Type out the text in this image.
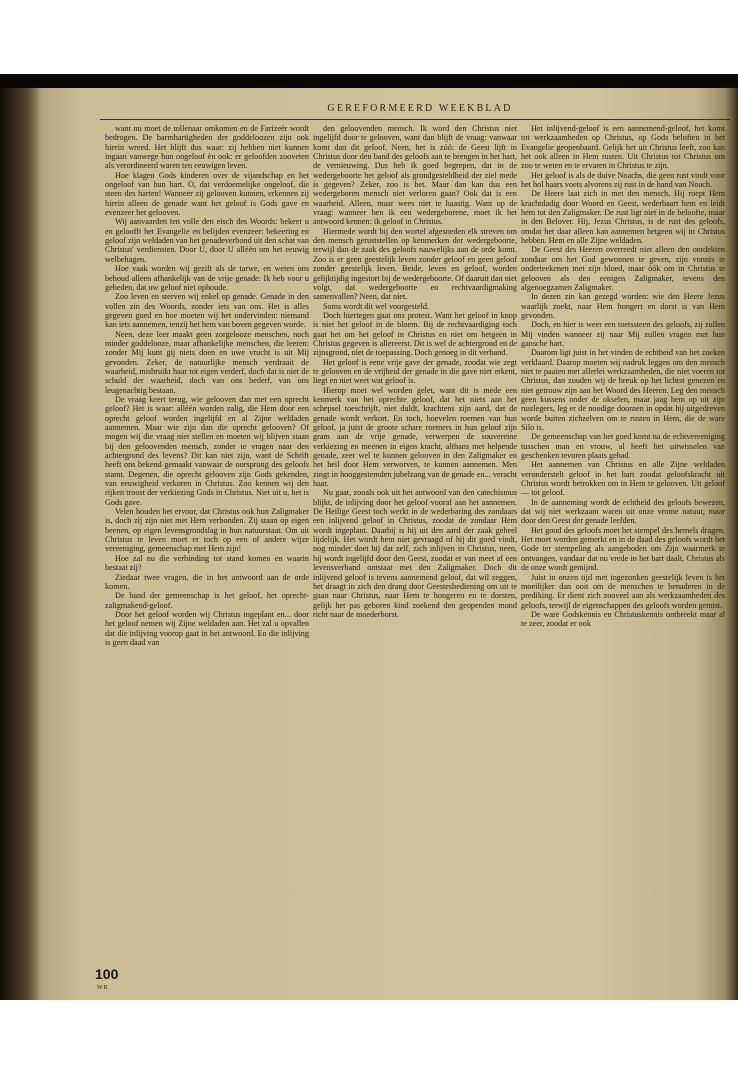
GEREFORMEERD WEEKBLAD

want nu moet de tollenaar omkomen en de Farizeër wordt bedrogen. De barmhartigheden der goddeloozen zijn ook hierin wreed. Het blijft dus waar: zij hebben niet kunnen ingaan vanwege hun ongeloof èn ook: er geloofden zooveten als verordineerd waren ten eeuwigen leven.

Hoe klagen Gods kinderen over de vijandschap en het ongeloof van hun hart. O, dat verdoemelijke ongeloof, die steen des harten! Wanneer zij gelooven kunnen, erkennen zij hierin alleen de genade want het geloof is Gods gave en evenzeer het gelooven.

Wij aanvaarden ten volle den eisch des Woords: bekeer u en geloofft het Evangelie en belijden evenzeer: bekeering en geloof zijn weldaden van het genadeverbond uit den schat van Christus' verdiensten. Door U, door U alléén om het eeuwig welbehagen.

Hoe vaak worden wij gezift als de tarwe, en weten ons behoud alleen afhankelijk van de vrije genade: Ik heb voor u gebeden, dat uw geloof niet ophoude.

Zoo leven en sterven wij enkel op genade. Genade in den vollen zin des Woords, zonder iets van ons. Het is alles gegeven goed en hoe moeten wij het ondervinden: niemand kan iets aannemen, tenzij het hem van boven gegeven worde.

Neen, deze leer maakt geen zorgelooze menschen, noch minder goddelooze, maar afhankelijke menschen, die leeren: zonder Mij kunt gij niets doen en uwe vrucht is uit Mij gevonden. Zeker, de natuurlijke mensch verdraait de waarheid, misbruikt haar tot eigen verderf, doch dat is niet de schuld der waarheid, doch van ons bederf, van ons leugenachtig bestaan.

De vraag keert terug, wie gelooven dan met een oprecht geloof? Het is waar: alléén worden zalig, die Hem door een oprecht geloof worden ingelijfd en al Zijne weldaden aannemen. Maar wie zijn dan die oprecht gelooven? Of mogen wij die vraag niet stellen en moeten wij blijven staan bij den geloovenden mensch, zonder te vragen naar den achtergrond des levens? Dit kan niet zijn, want de Schrift heeft ons bekend gemaakt vanwaar de oorsprong des geloofs stamt. Degenen, die oprecht gelooven zijn Gods gekenden, van eeuwigheid verkoren in Christus. Zoo kennen wij den rijken troost der verkiezing Gods in Christus. Niet uit u, het is Gods gave.

Velen houden het ervoor, dat Christus ook hun Zaligmaker is, doch zij zijn niet met Hem verbonden. Zij staan op eigen beenen, op eigen levensgrondslag in hun natuurstaat. Om uit Christus te leven moet er toch op een of andere wijze vereeniging, gemeenschap met Hem zijn!

Hoe zal nu die verbinding tot stand komen en waarin bestaat zij?

Ziedaar twee vragen, die in het antwoord aan de orde komen.

De band der gemeenschap is het geloof, het oprecht-zaligmakend-geloof.

Door het geloof worden wij Christus ingeplant en... door het geloof nemen wij Zijne weldaden aan. Het zal u opvallen dat die inlijving voorop gaat in het antwoord. En die inlijving is geen daad van

den geloovenden mensch. Ik word den Christus niet ingelijfd door te gelooven, want dan blijft de vraag: vanwaar komt dan dit geloof. Neen, het is zóó: de Geest lijft in Christus door den band des geloofs aan te brengen in het hart, de vernieuwing. Dus heb ik goed begrepen, dat in de wedergeboorte het geloof als grondgesteldheid der ziel mede is gegeven? Zeker, zoo is het. Maar dan kan dus een wedergeboren mensch niet verloren gaan? Ook dat is een waarheid. Alleen, maar wees niet te haastig. Want op de vraag: wanneer ben ik een wedergeborene, moet ik het antwoord kennen: ik geloof in Christus.

Hiermede wordt bij den wortel afgesneden elk streven om den mensch geruststellen op kenmerken der wedergeboorte, terwijl dan de zaak des geloofs nauwelijks aan de orde komt. Zoo is er geen geestelijk leven zonder geloof en geen geloof zonder geestelijk leven. Beide, leven en geloof, worden gelijktijdig ingestort bij de wedergeboorte. Of daaruit dan niet volgt, dat wedergeboorte en rechtvaardigmaking samenvallen? Neen, dat niet.

Soms wordt dit wel voorgesteld.

Doch hiertegen gaat ons protest. Want het geloof in knop is niet het geloof in de bloem. Bij de rechtvaardiging toch gaat het om het geloof in Christus en niet om hetgeen in Christus gegeven is allereerst. Dit is wel de achtergrond en de zijnsgrond, niet de toepassing. Doch genoeg in dit verband.

Het geloof is eene vrije gave der genade, zoodat wie zegt te gelooven en de vrijheid der genade in die gave niet erkent, liegt en niet weet wat geloof is.

Hierop moet wel worden gelet, want dit is mede een kenmerk van het oprechte geloof, dat het niets aan het schepsel toeschrijft, niet duldt, krachtens zijn aard, dat de genade wordt verkort. En toch, hoevelen roemen van hun geloof, ja juist de groote schare roemers in hun geloof zijn gram aan de vrije genade, verwerpen de souvereine verkiezing en meenen in eigen kracht, althans met helpende genade, zeer wel te kunnen gelooven in den Zaligmaker en het heil door Hem verworven, te kunnen aannemen. Men zingt in hooggestemden jubelzang van de genade en... veracht haar.

Nu gaat, zooals ook uit het antwoord van den catechismus blijkt, de inlijving door het geloof vooraf aan het aannemen. De Heilige Geest toch werkt in de wederbaring des zondaars een inlijvend geloof in Christus, zoodat de zondaar Hem wordt ingeplant. Daarbij is hij uit den aard der zaak geheel lijdelijk. Het wordt hem niet gevraagd of hij dit goed vindt, nog minder doet hij dat zelf, zich inlijven in Christus, neen, hij wordt ingelijfd door den Geest, zoodat er van meet af een levensverband ontstaat met den Zaligmaker. Doch dit inlijvend geloof is tevens aannemend geloof, dat wil zeggen, het draagt in zich den drang door Geestesbediening om uit te gaan naar Christus, naar Hem te hongeren en te dorsten, gelijk het pas geboren kind zoekend den geopenden mond richt naar de moederborst.

Het inlijvend-geloof is een aannemend-geloof, het komt tot werkzaamheden op Christus, op Gods beloften in het Evangelie geopenbaard. Gelijk het uit Christus leeft, zoo kan het ook alleen in Hem rusten. Uit Christus tot Christus om zoo te weten en te ervaren in Christus te zijn.

Het geloof is als de duive Noachs, die geen rust vindt voor het hol haars voets alvorens zij rust in de hand van Noach.

De Heere laat zich in met den mensch. Hij roept Hem krachtdadig door Woord en Geest, wederbaart hem en leidt hem tot den Zaligmaker. De rust ligt niet in de beloofte, maar in den Belover. Hij, Jezus Christus, is de rust des geloofs, omdat het daar alleen kan aannemen hetgeen wij in Christus hebben. Hem en alle Zijne weldaden.

De Geest des Heeren overreedt niet alleen den ontdekten zondaar om het God gewonnen te geven, zijn vonnis te onderteekenen met zijn bloed, maar óók om in Christus te gelooven als den eenigen Zaligmaker, tevens den algenoegzamen Zaligmaker.

In dezen zin kan gezegd worden: wie den Heere Jezus waarlijk zoekt, naar Hem hongert en dorst is van Hem gevonden.

Doch, en hier is weer een toetssteen des geloofs, zij zullen Mij vinden wanneer zij naar Mij zullen vragen met hun gansche hart.

Daarom ligt juist in het vinden de echtheid van het zoeken verklaard. Daarop moeten wij nadruk leggen om den mensch niet te paaien met allerlei werkzaamheden, die niet voeren tot Christus, dan zouden wij de breuk op het lichtst genezen en niet getrouw zijn aan het Woord des Heeren. Leg den mensch geen kussens onder de okselen, maar jaag hem op uit zijn rustlegers, leg er de noodige doornen in opdat hij uitgedreven worde buiten zichzelven om te rusten in Hem, die de ware Silo is.

De gemeenschap van het goed komt na de echtvereeniging tusschen man en vrouw, al heeft het uitwisselen van geschenken tevoren plaats gehad.

Het aannemen van Christus en alle Zijne weldaden veronderstelt geloof in het hart zoodat geloofskracht uit Christus wordt betrokken om in Hem te gelooven. Uit geloof — tot geloof.

In de aanneming wordt de echtheid des geloofs bewezen, dat wij niet werkzaam waren uit onze vrome natuur, maar door den Geest der genade leefden.

Het goud des geloofs moet het stempel des hemels dragen. Het moet worden gemerkt en in de daad des geloofs wordt het Gode ter stempeling als aangeboden om Zijn waarmerk te ontvangen, vandaar dat nu vrede in het hart daalt, Christus als de onze wordt gemijnd.

Juist in onzen tijd met ingezonken geestelijk leven is het moeilijker dan ooit om de menschen te benaderen in de prediking. Er dient zich zooveel aan als werkzaamheden des geloofs, terwijl de eigenschappen des geloofs worden gemist.

De ware Godskennis en Christuskennis ontbreekt maar al te zeer, zoodat er ook

100
WR
